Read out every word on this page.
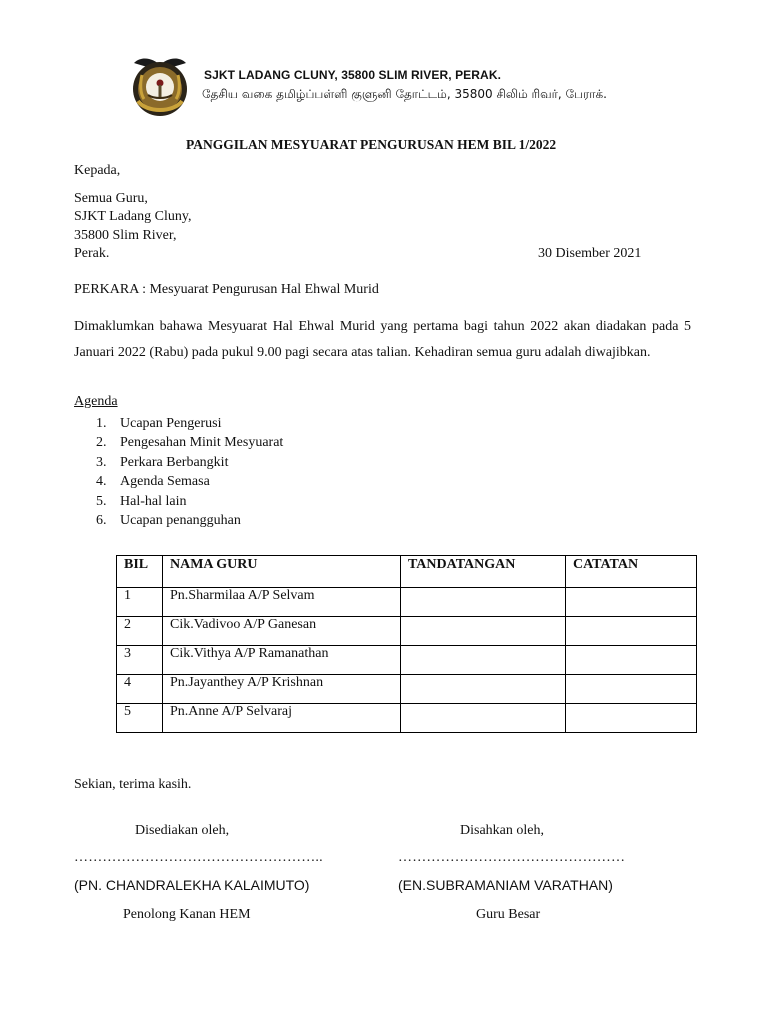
SJKT LADANG CLUNY, 35800 SLIM RIVER, PERAK.
தேசிய வகை தமிழ்ப்பள்ளி குளுனி தோட்டம், 35800 சிலிம் ரிவர், பேராக்.
PANGGILAN MESYUARAT PENGURUSAN HEM BIL 1/2022
Kepada,
Semua Guru,
SJKT Ladang Cluny,
35800 Slim River,
Perak.	30 Disember 2021
PERKARA : Mesyuarat Pengurusan Hal Ehwal Murid
Dimaklumkan bahawa Mesyuarat Hal Ehwal Murid yang pertama bagi tahun 2022 akan diadakan pada 5 Januari 2022 (Rabu) pada pukul 9.00 pagi secara atas talian. Kehadiran semua guru adalah diwajibkan.
Agenda
1. Ucapan Pengerusi
2. Pengesahan Minit Mesyuarat
3. Perkara Berbangkit
4. Agenda Semasa
5. Hal-hal lain
6. Ucapan penangguhan
BIL	NAMA GURU	TANDATANGAN	CATATAN
1	Pn.Sharmilaa A/P Selvam		
2	Cik.Vadivoo A/P Ganesan		
3	Cik.Vithya A/P Ramanathan		
4	Pn.Jayanthey A/P Krishnan		
5	Pn.Anne A/P Selvaraj		
Sekian, terima kasih.
Disediakan oleh,	Disahkan oleh,
……………………………………………..	…………………………………………
(PN. CHANDRALEKHA KALAIMUTO)	(EN.SUBRAMANIAM VARATHAN)
Penolong Kanan HEM	Guru Besar
